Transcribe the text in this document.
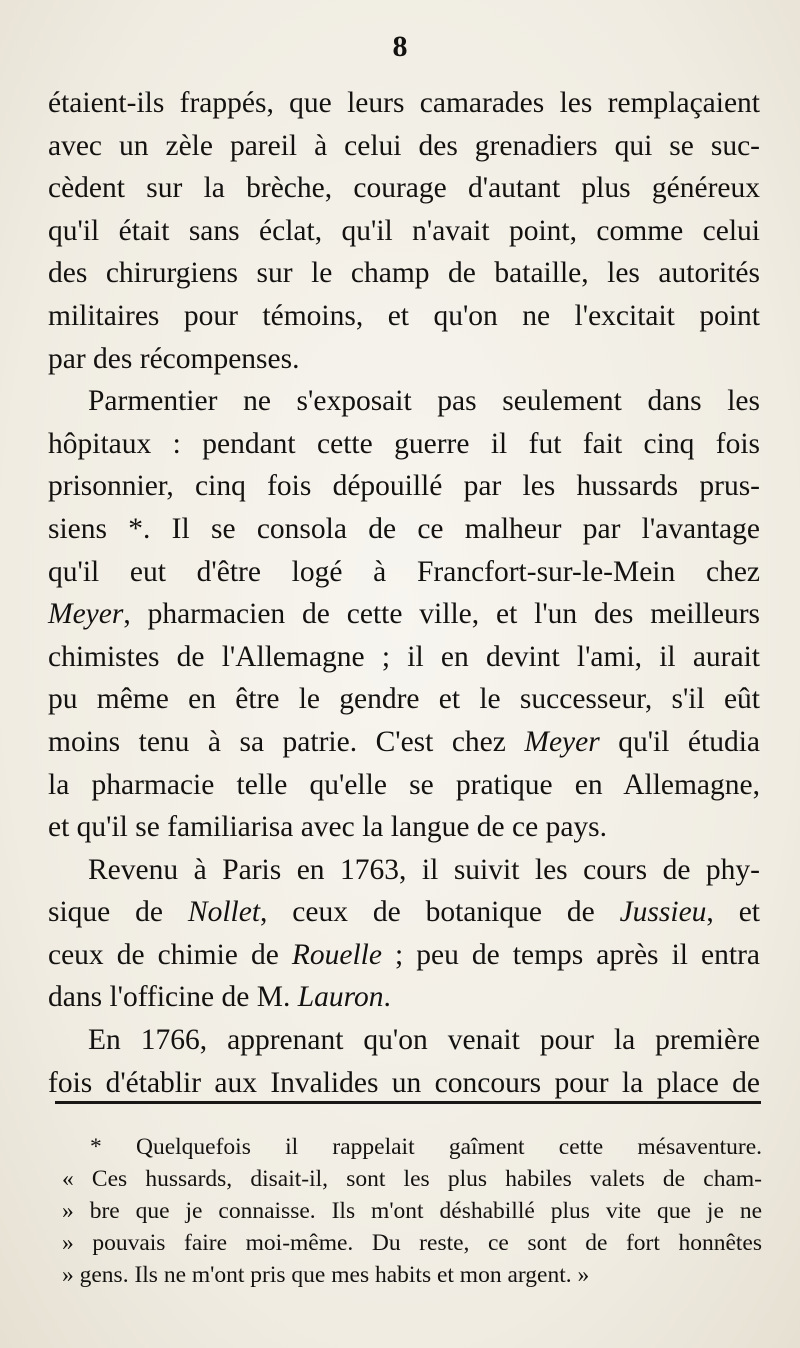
8
étaient-ils frappés, que leurs camarades les remplaçaient
avec un zèle pareil à celui des grenadiers qui se suc-
cèdent sur la brèche, courage d'autant plus généreux
qu'il était sans éclat, qu'il n'avait point, comme celui
des chirurgiens sur le champ de bataille, les autorités
militaires pour témoins, et qu'on ne l'excitait point
par des récompenses.
Parmentier ne s'exposait pas seulement dans les
hôpitaux : pendant cette guerre il fut fait cinq fois
prisonnier, cinq fois dépouillé par les hussards prus-
siens *. Il se consola de ce malheur par l'avantage
qu'il eut d'être logé à Francfort-sur-le-Mein chez
Meyer, pharmacien de cette ville, et l'un des meilleurs
chimistes de l'Allemagne ; il en devint l'ami, il aurait
pu même en être le gendre et le successeur, s'il eût
moins tenu à sa patrie. C'est chez Meyer qu'il étudia
la pharmacie telle qu'elle se pratique en Allemagne,
et qu'il se familiarisa avec la langue de ce pays.
Revenu à Paris en 1763, il suivit les cours de phy-
sique de Nollet, ceux de botanique de Jussieu, et
ceux de chimie de Rouelle ; peu de temps après il entra
dans l'officine de M. Lauron.
En 1766, apprenant qu'on venait pour la première
fois d'établir aux Invalides un concours pour la place de
* Quelquefois il rappelait gaîment cette mésaventure.
« Ces hussards, disait-il, sont les plus habiles valets de cham-
» bre que je connaisse. Ils m'ont déshabillé plus vite que je ne
» pouvais faire moi-même. Du reste, ce sont de fort honnêtes
» gens. Ils ne m'ont pris que mes habits et mon argent. »
